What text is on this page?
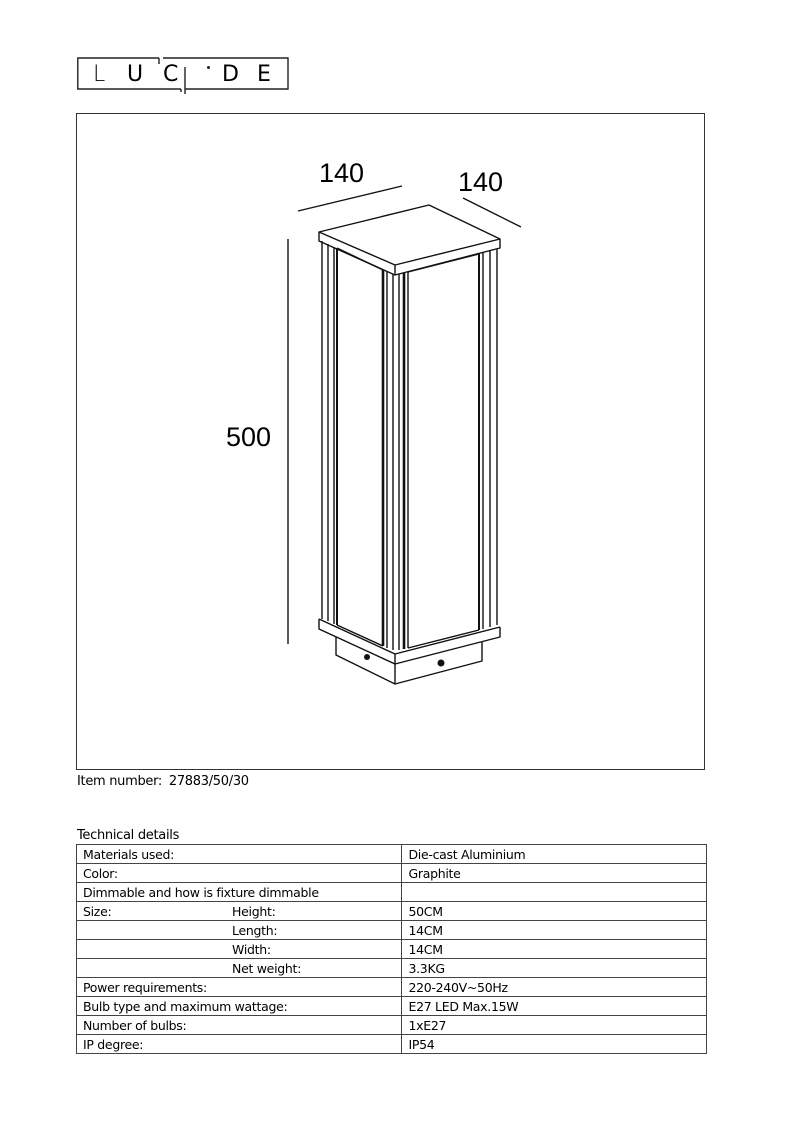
L U C D E
140	140
500
Item number: 27883/50/30
Technical details
Materials used:		Die-cast Aluminium
Color:		Graphite
Dimmable and how is fixture dimmable		
Size:	Height:	50CM
	Length:	14CM
	Width:	14CM
	Net weight:	3.3KG
Power requirements:		220-240V~50Hz
Bulb type and maximum wattage:		E27 LED Max.15W
Number of bulbs:		1xE27
IP degree:		IP54
